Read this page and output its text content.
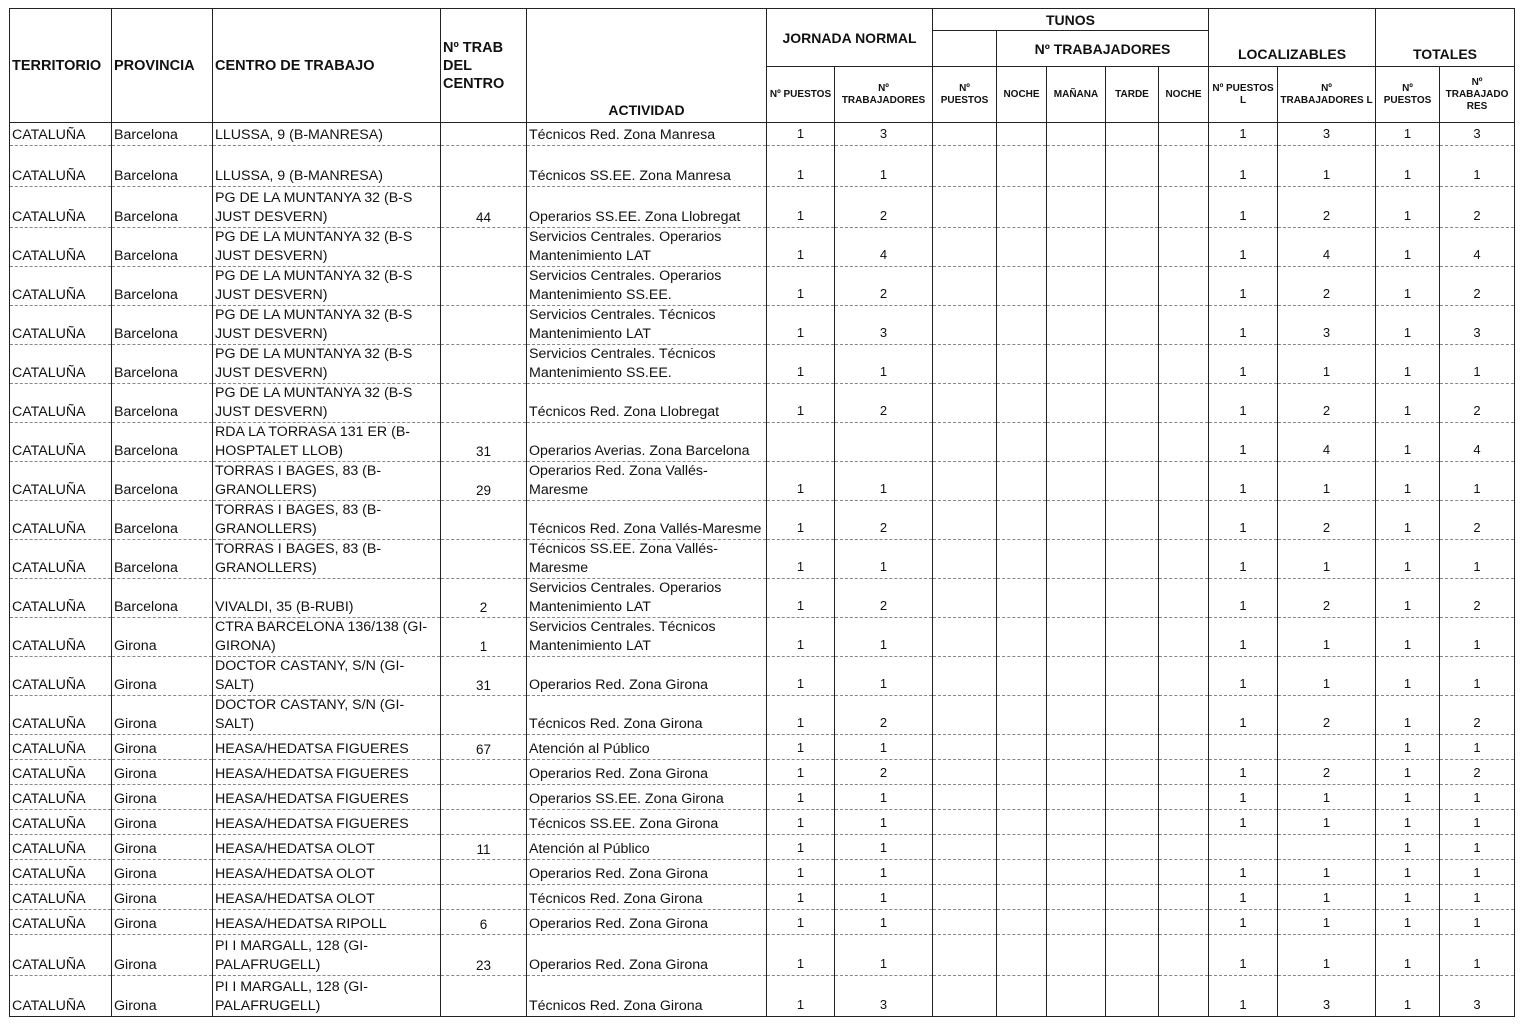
TERRITORIO	PROVINCIA	CENTRO DE TRABAJO	Nº TRAB DEL CENTRO	ACTIVIDAD	JORNADA NORMAL		TUNOS					LOCALIZABLES		TOTALES	
								Nº TRABAJADORES							
					Nº PUESTOS	Nº TRABAJADORES	Nº PUESTOS	NOCHE	MAÑANA	TARDE	NOCHE	Nº PUESTOS L	Nº TRABAJADORES L	Nº PUESTOS	Nº TRABAJADO RES
CATALUÑA	Barcelona	LLUSSA, 9 (B-MANRESA)		Técnicos Red. Zona Manresa	1	3						1	3	1	3
CATALUÑA	Barcelona	LLUSSA, 9 (B-MANRESA)		Técnicos SS.EE. Zona Manresa	1	1						1	1	1	1
CATALUÑA	Barcelona	PG DE LA MUNTANYA 32 (B-S JUST DESVERN)	44	Operarios SS.EE. Zona Llobregat	1	2						1	2	1	2
CATALUÑA	Barcelona	PG DE LA MUNTANYA 32 (B-S JUST DESVERN)		Servicios Centrales. Operarios Mantenimiento LAT	1	4						1	4	1	4
CATALUÑA	Barcelona	PG DE LA MUNTANYA 32 (B-S JUST DESVERN)		Servicios Centrales. Operarios Mantenimiento SS.EE.	1	2						1	2	1	2
CATALUÑA	Barcelona	PG DE LA MUNTANYA 32 (B-S JUST DESVERN)		Servicios Centrales. Técnicos Mantenimiento LAT	1	3						1	3	1	3
CATALUÑA	Barcelona	PG DE LA MUNTANYA 32 (B-S JUST DESVERN)		Servicios Centrales. Técnicos Mantenimiento SS.EE.	1	1						1	1	1	1
CATALUÑA	Barcelona	PG DE LA MUNTANYA 32 (B-S JUST DESVERN)		Técnicos Red. Zona Llobregat	1	2						1	2	1	2
CATALUÑA	Barcelona	RDA LA TORRASA 131 ER (B-HOSPTALET LLOB)	31	Operarios Averias. Zona Barcelona								1	4	1	4
CATALUÑA	Barcelona	TORRAS I BAGES, 83 (B-GRANOLLERS)	29	Operarios Red. Zona Vallés-Maresme	1	1						1	1	1	1
CATALUÑA	Barcelona	TORRAS I BAGES, 83 (B-GRANOLLERS)		Técnicos Red. Zona Vallés-Maresme	1	2						1	2	1	2
CATALUÑA	Barcelona	TORRAS I BAGES, 83 (B-GRANOLLERS)		Técnicos SS.EE. Zona Vallés-Maresme	1	1						1	1	1	1
CATALUÑA	Barcelona	VIVALDI, 35 (B-RUBI)	2	Servicios Centrales. Operarios Mantenimiento LAT	1	2						1	2	1	2
CATALUÑA	Girona	CTRA BARCELONA 136/138 (GI-GIRONA)	1	Servicios Centrales. Técnicos Mantenimiento LAT	1	1						1	1	1	1
CATALUÑA	Girona	DOCTOR CASTANY, S/N (GI-SALT)	31	Operarios Red. Zona Girona	1	1						1	1	1	1
CATALUÑA	Girona	DOCTOR CASTANY, S/N (GI-SALT)		Técnicos Red. Zona Girona	1	2						1	2	1	2
CATALUÑA	Girona	HEASA/HEDATSA FIGUERES	67	Atención al Público	1	1								1	1
CATALUÑA	Girona	HEASA/HEDATSA FIGUERES		Operarios Red. Zona Girona	1	2						1	2	1	2
CATALUÑA	Girona	HEASA/HEDATSA FIGUERES		Operarios SS.EE. Zona Girona	1	1						1	1	1	1
CATALUÑA	Girona	HEASA/HEDATSA FIGUERES		Técnicos SS.EE. Zona Girona	1	1						1	1	1	1
CATALUÑA	Girona	HEASA/HEDATSA OLOT	11	Atención al Público	1	1								1	1
CATALUÑA	Girona	HEASA/HEDATSA OLOT		Operarios Red. Zona Girona	1	1						1	1	1	1
CATALUÑA	Girona	HEASA/HEDATSA OLOT		Técnicos Red. Zona Girona	1	1						1	1	1	1
CATALUÑA	Girona	HEASA/HEDATSA RIPOLL	6	Operarios Red. Zona Girona	1	1						1	1	1	1
CATALUÑA	Girona	PI I MARGALL, 128 (GI-PALAFRUGELL)	23	Operarios Red. Zona Girona	1	1						1	1	1	1
CATALUÑA	Girona	PI I MARGALL, 128 (GI-PALAFRUGELL)		Técnicos Red. Zona Girona	1	3						1	3	1	3
